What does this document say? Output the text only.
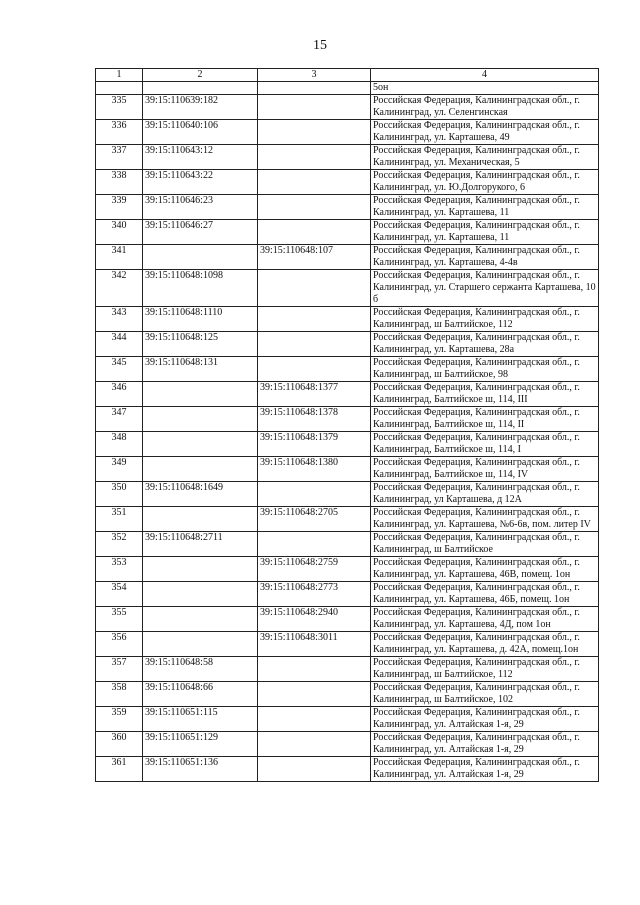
15
1	2	3	4
			5он
335	39:15:110639:182		Российская Федерация, Калининградская обл., г. Калининград, ул. Селенгинская
336	39:15:110640:106		Российская Федерация, Калининградская обл., г. Калининград, ул. Карташева, 49
337	39:15:110643:12		Российская Федерация, Калининградская обл., г. Калининград, ул. Механическая, 5
338	39:15:110643:22		Российская Федерация, Калининградская обл., г. Калининград, ул. Ю.Долгорукого, 6
339	39:15:110646:23		Российская Федерация, Калининградская обл., г. Калининград, ул. Карташева, 11
340	39:15:110646:27		Российская Федерация, Калининградская обл., г. Калининград, ул. Карташева, 11
341		39:15:110648:107	Российская Федерация, Калининградская обл., г. Калининград, ул. Карташева, 4-4в
342	39:15:110648:1098		Российская Федерация, Калининградская обл., г. Калининград, ул. Старшего сержанта Карташева, 10 б
343	39:15:110648:1110		Российская Федерация, Калининградская обл., г. Калининград, ш Балтийское, 112
344	39:15:110648:125		Российская Федерация, Калининградская обл., г. Калининград, ул. Карташева, 28а
345	39:15:110648:131		Российская Федерация, Калининградская обл., г. Калининград, ш Балтийское, 98
346		39:15:110648:1377	Российская Федерация, Калининградская обл., г. Калининград, Балтийское ш, 114, III
347		39:15:110648:1378	Российская Федерация, Калининградская обл., г. Калининград, Балтийское ш, 114, II
348		39:15:110648:1379	Российская Федерация, Калининградская обл., г. Калининград, Балтийское ш, 114, I
349		39:15:110648:1380	Российская Федерация, Калининградская обл., г. Калининград, Балтийское ш, 114, IV
350	39:15:110648:1649		Российская Федерация, Калининградская обл., г. Калининград, ул Карташева, д 12А
351		39:15:110648:2705	Российская Федерация, Калининградская обл., г. Калининград, ул. Карташева, №6-6в, пом. литер IV
352	39:15:110648:2711		Российская Федерация, Калининградская обл., г. Калининград, ш Балтийское
353		39:15:110648:2759	Российская Федерация, Калининградская обл., г. Калининград, ул. Карташева, 46В, помещ. 1он
354		39:15:110648:2773	Российская Федерация, Калининградская обл., г. Калининград, ул. Карташева, 46Б, помещ. 1он
355		39:15:110648:2940	Российская Федерация, Калининградская обл., г. Калининград, ул. Карташева, 4Д, пом 1он
356		39:15:110648:3011	Российская Федерация, Калининградская обл., г. Калининград, ул. Карташева, д. 42А, помещ.1он
357	39:15:110648:58		Российская Федерация, Калининградская обл., г. Калининград, ш Балтийское, 112
358	39:15:110648:66		Российская Федерация, Калининградская обл., г. Калининград, ш Балтийское, 102
359	39:15:110651:115		Российская Федерация, Калининградская обл., г. Калининград, ул. Алтайская 1-я, 29
360	39:15:110651:129		Российская Федерация, Калининградская обл., г. Калининград, ул. Алтайская 1-я, 29
361	39:15:110651:136		Российская Федерация, Калининградская обл., г. Калининград, ул. Алтайская 1-я, 29
